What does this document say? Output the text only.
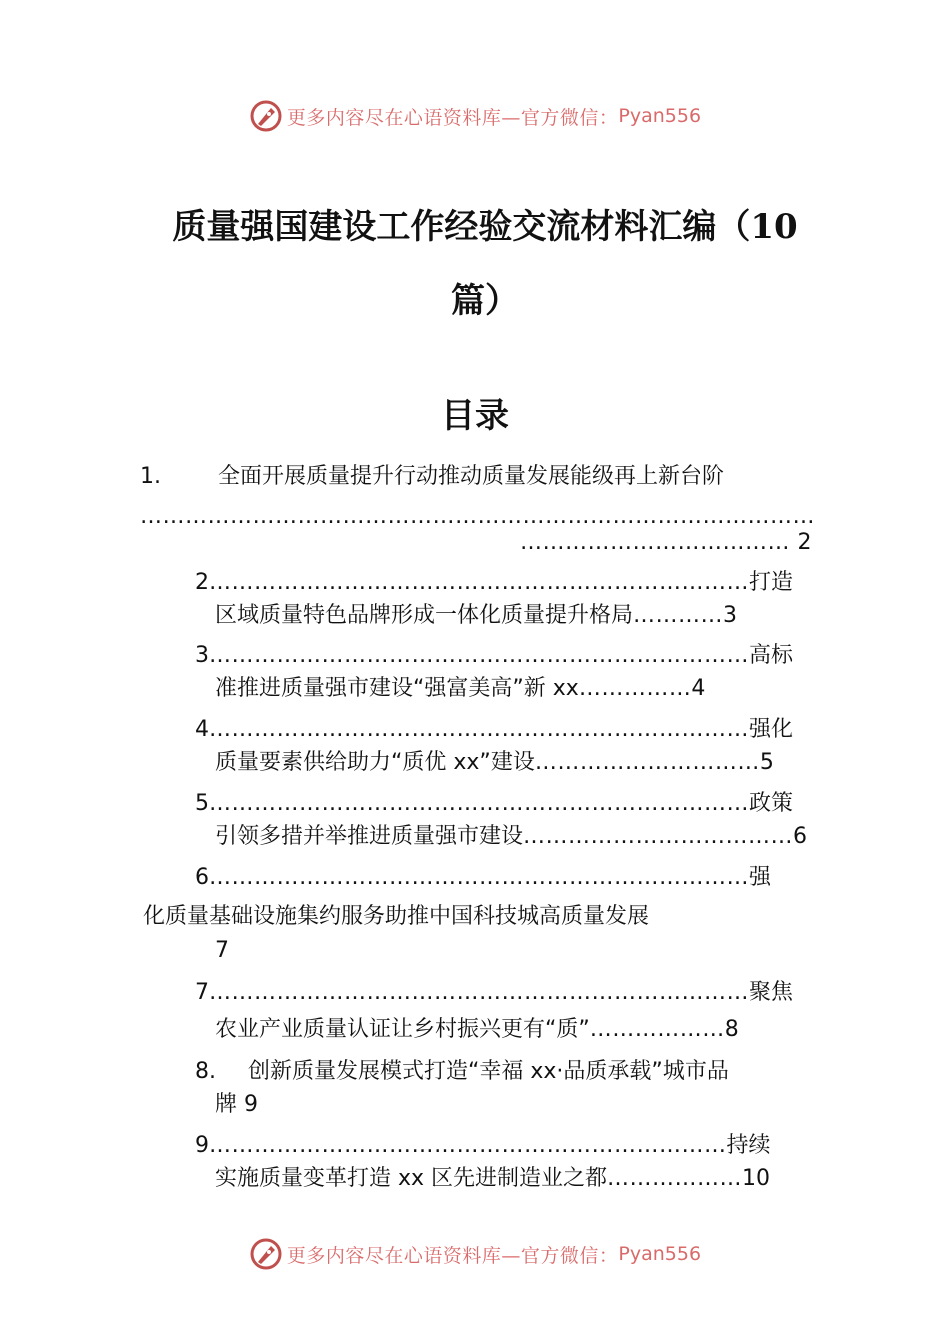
更多内容尽在心语资料库—官方微信： Pyan556
质量强国建设工作经验交流材料汇编（10篇）
目录
1.	全面开展质量提升行动推动质量发展能级再上新台阶
………………………………………………………………………………
……………………………… 2
2………………………………………………………………打造
区域质量特色品牌形成一体化质量提升格局…………3
3………………………………………………………………高标
准推进质量强市建设“强富美高”新 xx……………4
4………………………………………………………………强化
质量要素供给助力“质优 xx”建设…………………………5
5………………………………………………………………政策
引领多措并举推进质量强市建设………………………………6
6………………………………………………………………强
化质量基础设施集约服务助推中国科技城高质量发展
7
7………………………………………………………………聚焦
农业产业质量认证让乡村振兴更有“质”………………8
8. 创新质量发展模式打造“幸福 xx·品质承载”城市品
牌 9
9……………………………………………………………持续
实施质量变革打造 xx 区先进制造业之都………………10
更多内容尽在心语资料库—官方微信： Pyan556
